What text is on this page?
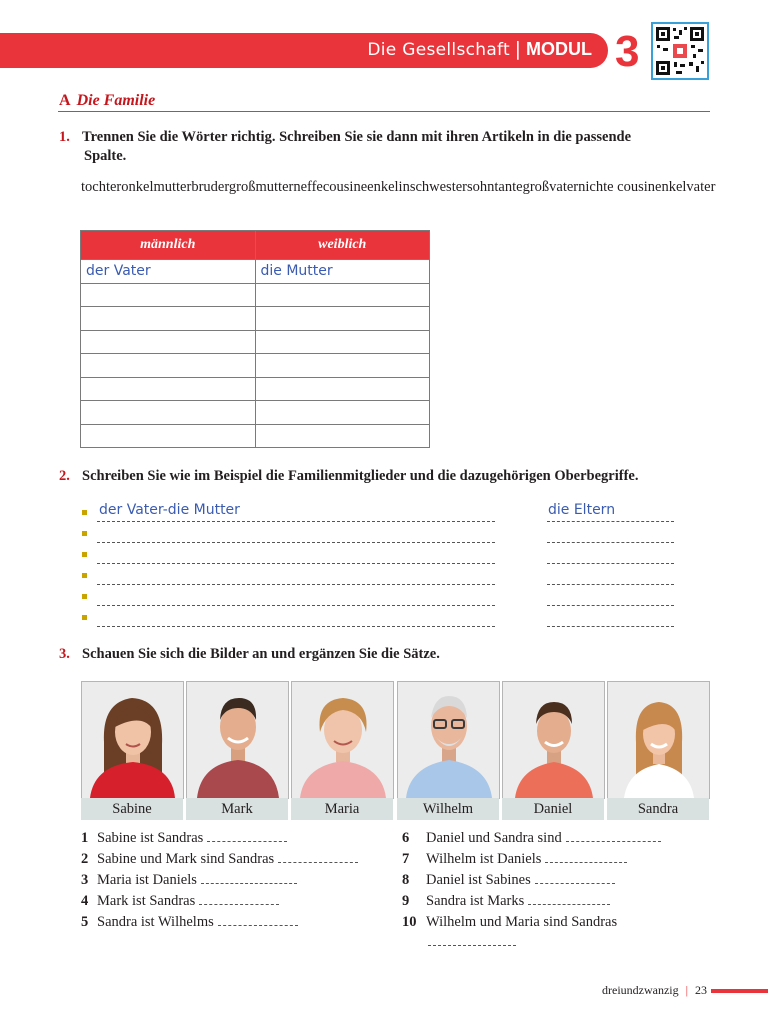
Die Gesellschaft | MODUL 3
A Die Familie
1. Trennen Sie die Wörter richtig. Schreiben Sie sie dann mit ihren Artikeln in die passende
Spalte.
tochteronkelmutterbrudergroßmutterneffecousineenkelinschwestersohntantegroßvaternichte cousinenkelvater
männlich	weiblich
der Vater	die Mutter

2. Schreiben Sie wie im Beispiel die Familienmitglieder und die dazugehörigen Oberbegriffe.
der Vater-die Mutter	die Eltern
3. Schauen Sie sich die Bilder an und ergänzen Sie die Sätze.
Sabine	Mark	Maria	Wilhelm	Daniel	Sandra
1 Sabine ist Sandras
2 Sabine und Mark sind Sandras
3 Maria ist Daniels
4 Mark ist Sandras
5 Sandra ist Wilhelms
6 Daniel und Sandra sind
7 Wilhelm ist Daniels
8 Daniel ist Sabines
9 Sandra ist Marks
10 Wilhelm und Maria sind Sandras
dreiundzwanzig | 23
